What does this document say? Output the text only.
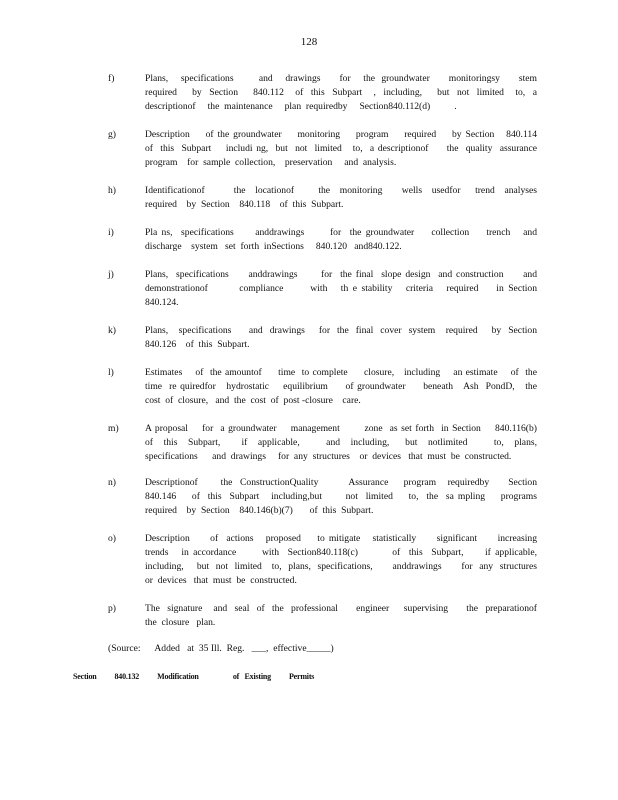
128
f)	Plans,  specifications    and  drawings   for  the groundwater   monitoringsy   stem
required    by  Section    840.112   of  this  Subpart   ,  including,    but  not  limited   to,  a
descriptionof     the  maintenance     plan  requiredby     Section840.112(d)          .
g)	Description    of the groundwater    monitoring    program    required    by Section   840.114
of  this  Subpart    includi ng,  but  not  limited   to,  a descriptionof     the  quality  assurance
program    for  sample  collection,    preservation     and  analysis.
h)	Identificationof      the  locationof     the  monitoring    wells  usedfor   trend  analyses
required    by  Section    840.118    of  this  Subpart.
i)	Pla ns,  specifications     anddrawings      for  the groundwater    collection    trench   and
discharge    system   set  forth  inSections     840.120   and840.122.
j)	Plans,  specifications     anddrawings      for  the final  slope design  and construction     and
demonstrationof       compliance      with   th e stability   criteria   required    in Section
840.124.
k)	Plans,   specifications     and  drawings    for  the  final  cover  system   required    by  Section
840.126    of  this  Subpart.
l)	Estimates    of  the amountof     time  to complete     closure,   including    an estimate    of  the
time  re quiredfor   hydrostatic    equilibrium     of groundwater     beneath   Ash  PondD,   the
cost  of  closure,   and  the  cost  of  post -closure    care.
m)	A proposal    for  a groundwater    management       zone  as set forth  in Section    840.116(b)
of  this  Subpart,    if  applicable,     and  including,   but  notlimited     to,  plans,
specifications      and  drawings     for  any  structures    or  devices   that  must  be  constructed.
n)	Descriptionof      the  ConstructionQuality        Assurance    program   requiredby     Section
840.146    of  this  Subpart   including,but      not  limited    to,  the  sa mpling    programs
required    by  Section    840.146(b)(7)       of  this  Subpart.
o)	Description     of  actions   proposed    to mitigate   statistically     significant     increasing
trends   in accordance      with  Section840.118(c)        of  this  Subpart,     if applicable,
including,    but  not  limited   to,  plans,  specifications,      anddrawings      for  any  structures
or  devices   that  must  be  constructed.
p)	The  signature   and  seal  of  the  professional     engineer    supervising     the  preparationof
the  closure   plan.
(Source:      Added   at  35 Ill.  Reg.   ___,  effective_____)
Section          840.132          Modification                   of   Existing          Permits
